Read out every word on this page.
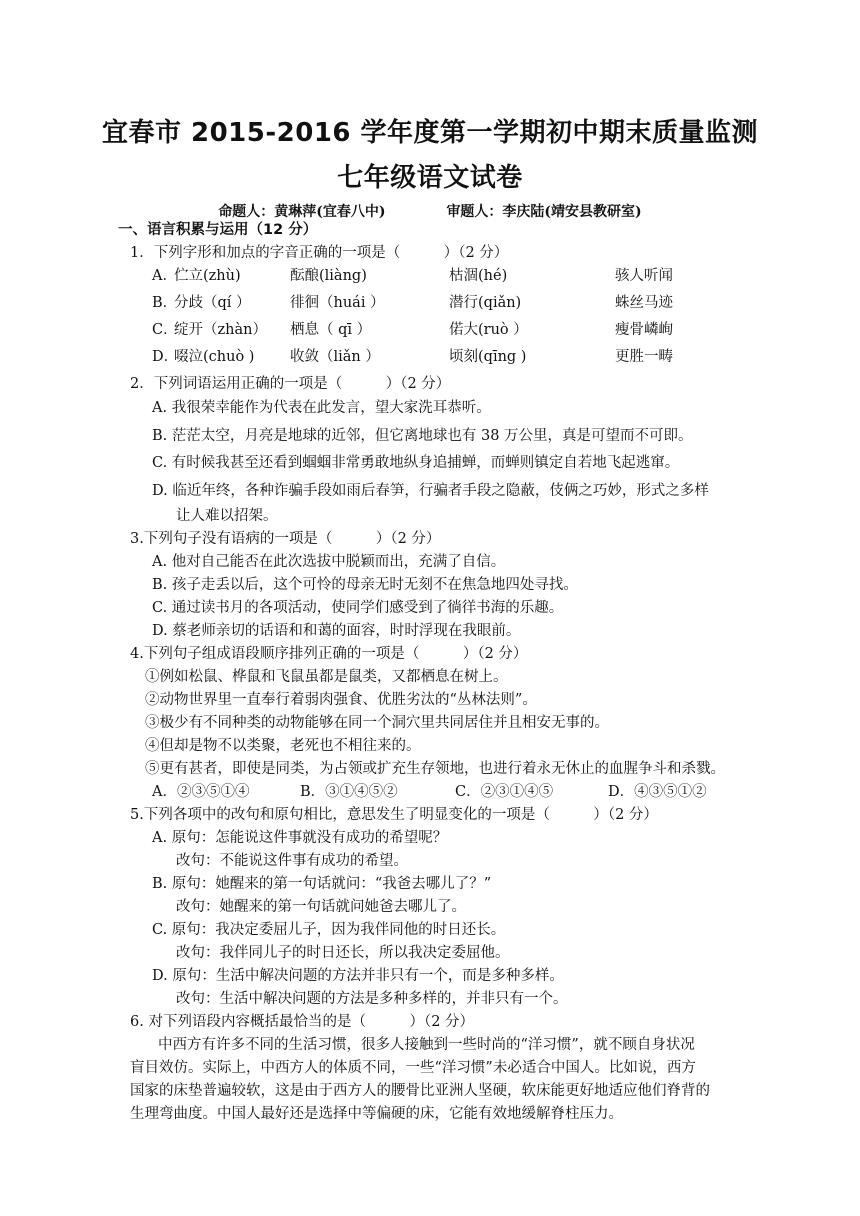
宜春市 2015-2016 学年度第一学期初中期末质量监测
七年级语文试卷
命题人：黄琳萍(宜春八中)	审题人：李庆陆(靖安县教研室)
一、语言积累与运用（12 分）
1．下列字形和加点的字音正确的一项是（　　　）（2 分）
A．
伫立(zhù)	酝酿(liàng)	枯涸(hé)	骇人听闻
B．
分歧（qí ）	徘徊（huái ）	潜行(qiǎn)	蛛丝马迹
C．
绽开（zhàn） 栖息（ qī ）	偌大(ruò ）	瘦骨嶙峋
D．
啜泣(chuò ) 收敛（liǎn ）	顷刻(qīng )	更胜一畴
2．下列词语运用正确的一项是（　　　）（2 分）
A. 我很荣幸能作为代表在此发言，望大家洗耳恭听。
B. 茫茫太空，月亮是地球的近邻，但它离地球也有 38 万公里，真是可望而不可即。
C. 有时候我甚至还看到蝈蝈非常勇敢地纵身追捕蝉，而蝉则镇定自若地飞起逃窜。
D. 临近年终，各种诈骗手段如雨后春笋，行骗者手段之隐蔽，伎俩之巧妙，形式之多样
让人难以招架。
3.下列句子没有语病的一项是（　　　）（2 分）
A. 他对自己能否在此次选拔中脱颖而出，充满了自信。
B. 孩子走丢以后，这个可怜的母亲无时无刻不在焦急地四处寻找。
C. 通过读书月的各项活动，使同学们感受到了徜徉书海的乐趣。
D. 蔡老师亲切的话语和和蔼的面容，时时浮现在我眼前。
4.下列句子组成语段顺序排列正确的一项是（　　　）（2 分）
①例如松鼠、桦鼠和飞鼠虽都是鼠类，又都栖息在树上。
②动物世界里一直奉行着弱肉强食、优胜劣汰的“丛林法则”。
③极少有不同种类的动物能够在同一个洞穴里共同居住并且相安无事的。
④但却是物不以类聚，老死也不相往来的。
⑤更有甚者，即使是同类，为占领或扩充生存领地，也进行着永无休止的血腥争斗和杀戮。
A．②③⑤①④	B．③①④⑤②	C．②③①④⑤	D．④③⑤①②
5.下列各项中的改句和原句相比，意思发生了明显变化的一项是（　　　）（2 分）
A. 原句：怎能说这件事就没有成功的希望呢？
改句：不能说这件事有成功的希望。
B. 原句：她醒来的第一句话就问：“我爸去哪儿了？”
改句：她醒来的第一句话就问她爸去哪儿了。
C. 原句：我决定委屈儿子，因为我伴同他的时日还长。
改句：我伴同儿子的时日还长，所以我决定委屈他。
D. 原句：生活中解决问题的方法并非只有一个，而是多种多样。
改句：生活中解决问题的方法是多种多样的，并非只有一个。
6. 对下列语段内容概括最恰当的是（　　　）（2 分）
中西方有许多不同的生活习惯，很多人接触到一些时尚的“洋习惯”，就不顾自身状况
盲目效仿。实际上，中西方人的体质不同，一些“洋习惯”未必适合中国人。比如说，西方
国家的床垫普遍较软，这是由于西方人的腰骨比亚洲人坚硬，软床能更好地适应他们脊背的
生理弯曲度。中国人最好还是选择中等偏硬的床，它能有效地缓解脊柱压力。
